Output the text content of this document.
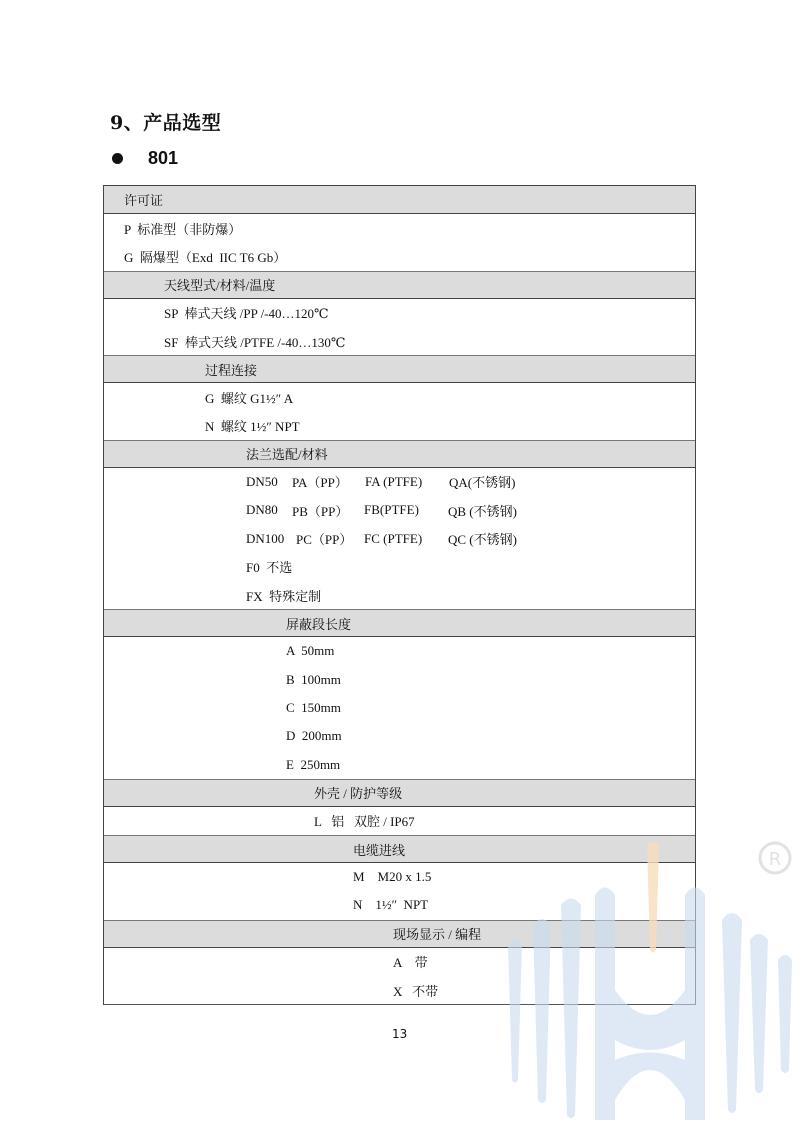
9、产品选型
801
许可证
P  标准型（非防爆）
G  隔爆型（Exd  IIC T6 Gb）
天线型式/材料/温度
SP  棒式天线 /PP /-40…120℃
SF  棒式天线 /PTFE /-40…130℃
过程连接
G  螺纹 G1½″ A
N  螺纹 1½″ NPT
法兰选配/材料
DN50	PA（PP）	FA (PTFE)	QA(不锈钢)
DN80	PB（PP）	FB(PTFE)	QB (不锈钢)
DN100 PC（PP） FC (PTFE)	QC (不锈钢)
F0  不选
FX  特殊定制
屏蔽段长度
A  50mm
B  100mm
C  150mm
D  200mm
E  250mm
外壳 / 防护等级
L   铝   双腔 / IP67
电缆进线
M    M20 x 1.5
N    1½″  NPT
现场显示 / 编程
A    带
X   不带
13
R
